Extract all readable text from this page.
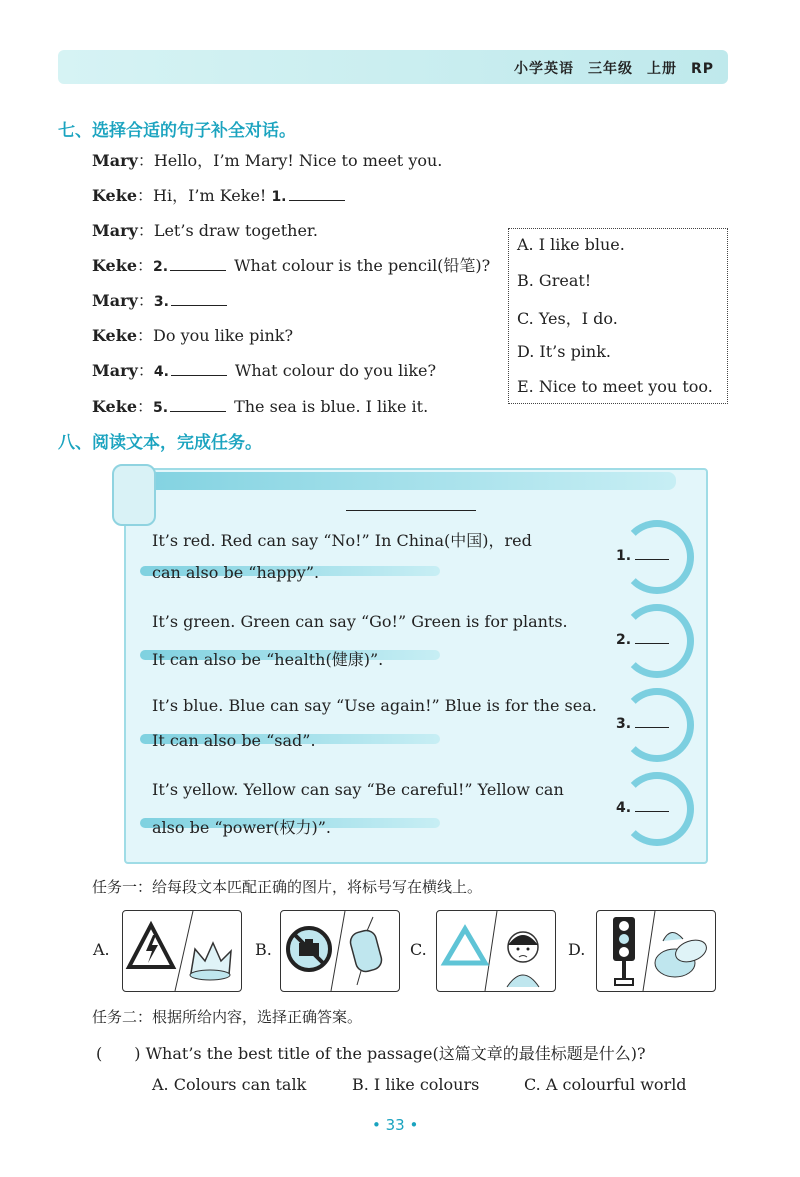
小学英语 三年级 上册 RP
七、选择合适的句子补全对话。
Mary：Hello，I’m Mary! Nice to meet you.
Keke：Hi，I’m Keke! 1.
Mary：Let’s draw together.
Keke：2.	What colour is the pencil(铅笔)?
Mary：3.
Keke：Do you like pink?
Mary：4.	What colour do you like?
Keke：5.	The sea is blue. I like it.
A. I like blue.
B. Great!
C. Yes，I do.
D. It’s pink.
E. Nice to meet you too.
八、阅读文本，完成任务。
It’s red. Red can say “No!” In China(中国)，red
can also be “happy”.
1.
It’s green. Green can say “Go!” Green is for plants.
It can also be “health(健康)”.
2.
It’s blue. Blue can say “Use again!” Blue is for the sea.
It can also be “sad”.
3.
It’s yellow. Yellow can say “Be careful!” Yellow can
also be “power(权力)”.
4.
任务一：给每段文本匹配正确的图片，将标号写在横线上。
A.	B.	C.	D.
任务二：根据所给内容，选择正确答案。
(　　) What’s the best title of the passage(这篇文章的最佳标题是什么)?
A. Colours can talk	B. I like colours	C. A colourful world
• 33 •
